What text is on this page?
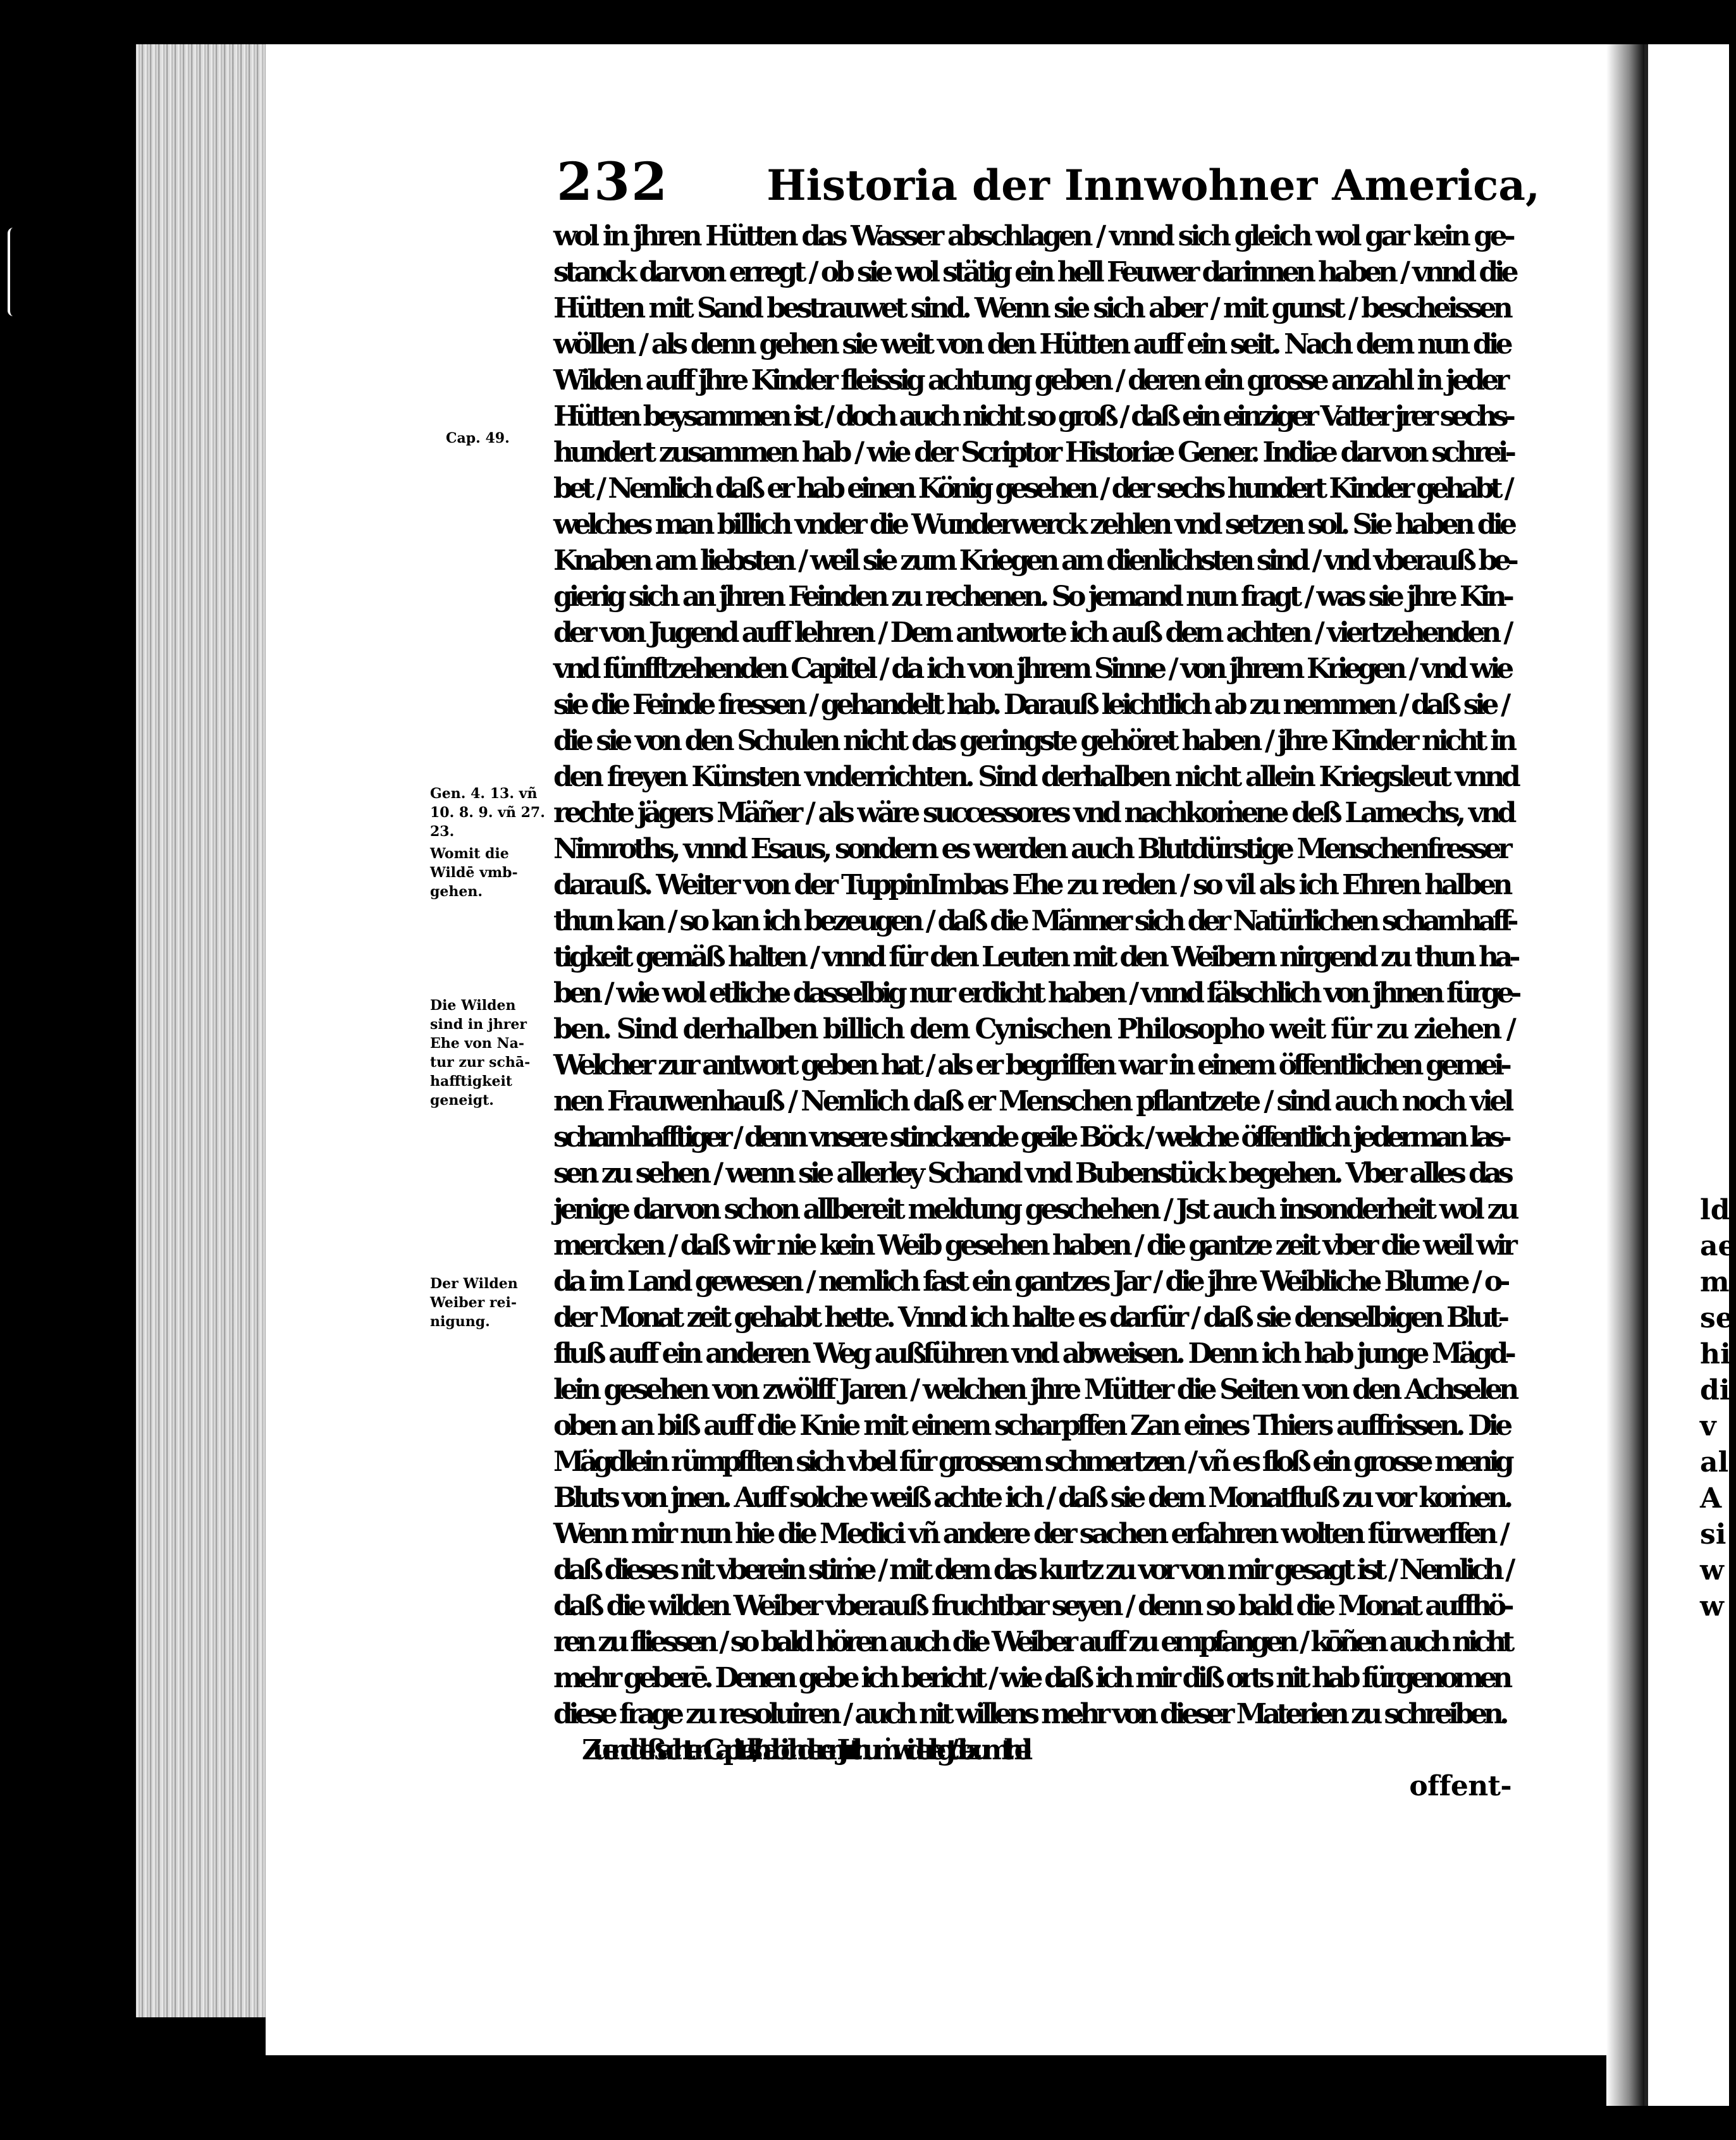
232 Historia der Innwohner America,
wol in jhren Hütten das Wasser abschlagen / vnnd sich gleich wol gar kein ge-
stanck darvon erregt / ob sie wol stätig ein hell Feuwer darinnen haben / vnnd die
Hütten mit Sand bestrauwet sind. Wenn sie sich aber / mit gunst / bescheissen
wöllen / als denn gehen sie weit von den Hütten auff ein seit. Nach dem nun die
Wilden auff jhre Kinder fleissig achtung geben / deren ein grosse anzahl in jeder
Hütten beysammen ist / doch auch nicht so groß / daß ein einziger Vatter jrer sechs-
hundert zusammen hab / wie der Scriptor Historiæ Gener. Indiæ darvon schrei-
bet / Nemlich daß er hab einen König gesehen / der sechs hundert Kinder gehabt /
welches man billich vnder die Wunderwerck zehlen vnd setzen sol. Sie haben die
Knaben am liebsten / weil sie zum Kriegen am dienlichsten sind / vnd vberauß be-
gierig sich an jhren Feinden zu rechenen. So jemand nun fragt / was sie jhre Kin-
der von Jugend auff lehren / Dem antworte ich auß dem achten / viertzehenden /
vnd fünfftzehenden Capitel / da ich von jhrem Sinne / von jhrem Kriegen / vnd wie
sie die Feinde fressen / gehandelt hab. Darauß leichtlich ab zu nemmen / daß sie /
die sie von den Schulen nicht das geringste gehöret haben / jhre Kinder nicht in
den freyen Künsten vnderrichten. Sind derhalben nicht allein Kriegsleut vnnd
rechte jägers Mäñer / als wäre successores vnd nachkoṁene deß Lamechs, vnd
Nimroths, vnnd Esaus, sondern es werden auch Blutdürstige Menschenfresser
darauß. Weiter von der TuppinImbas Ehe zu reden / so vil als ich Ehren halben
thun kan / so kan ich bezeugen / daß die Männer sich der Natürlichen schamhaff-
tigkeit gemäß halten / vnnd für den Leuten mit den Weibern nirgend zu thun ha-
ben / wie wol etliche dasselbig nur erdicht haben / vnnd fälschlich von jhnen fürge-
ben. Sind derhalben billich dem Cynischen Philosopho weit für zu ziehen /
Welcher zur antwort geben hat / als er begriffen war in einem öffentlichen gemei-
nen Frauwenhauß / Nemlich daß er Menschen pflantzete / sind auch noch viel
schamhafftiger / denn vnsere stinckende geile Böck / welche öffentlich jederman las-
sen zu sehen / wenn sie allerley Schand vnd Bubenstück begehen. Vber alles das
jenige darvon schon allbereit meldung geschehen / Jst auch insonderheit wol zu
mercken / daß wir nie kein Weib gesehen haben / die gantze zeit vber die weil wir
da im Land gewesen / nemlich fast ein gantzes Jar / die jhre Weibliche Blume / o-
der Monat zeit gehabt hette. Vnnd ich halte es darfür / daß sie denselbigen Blut-
fluß auff ein anderen Weg außführen vnd abweisen. Denn ich hab junge Mägd-
lein gesehen von zwölff Jaren / welchen jhre Mütter die Seiten von den Achselen
oben an biß auff die Knie mit einem scharpffen Zan eines Thiers auffrissen. Die
Mägdlein rümpfften sich vbel für grossem schmertzen / vñ es floß ein grosse menig
Bluts von jnen. Auff solche weiß achte ich / daß sie dem Monatfluß zu vor koṁen.
Wenn mir nun hie die Medici vñ andere der sachen erfahren wolten fürwerffen /
daß dieses nit vberein stiṁe / mit dem das kurtz zu vor von mir gesagt ist / Nemlich /
daß die wilden Weiber vberauß fruchtbar seyen / denn so bald die Monat auffhö-
ren zu fliessen / so bald hören auch die Weiber auff zu empfangen / kōñen auch nicht
mehr geberē. Denen gebe ich bericht / wie daß ich mir diß orts nit hab fürgenomen
diese frage zu resoluiren / auch nit willens mehr von dieser Materien zu schreiben.
Zu end deß achten Capittels / hab ich deren Jrrthuṁ widerlegt / die zum theil
offent-
Cap. 49.
Gen. 4. 13. vñ
10. 8. 9. vñ 27.
23.
Womit die
Wildē vmb-
gehen.
Die Wilden
sind in jhrer
Ehe von Na-
tur zur schā-
hafftigkeit
geneigt.
Der Wilden
Weiber rei-
nigung.
ld
ae
m
se
hi
di
v
al
A
si
w
w
